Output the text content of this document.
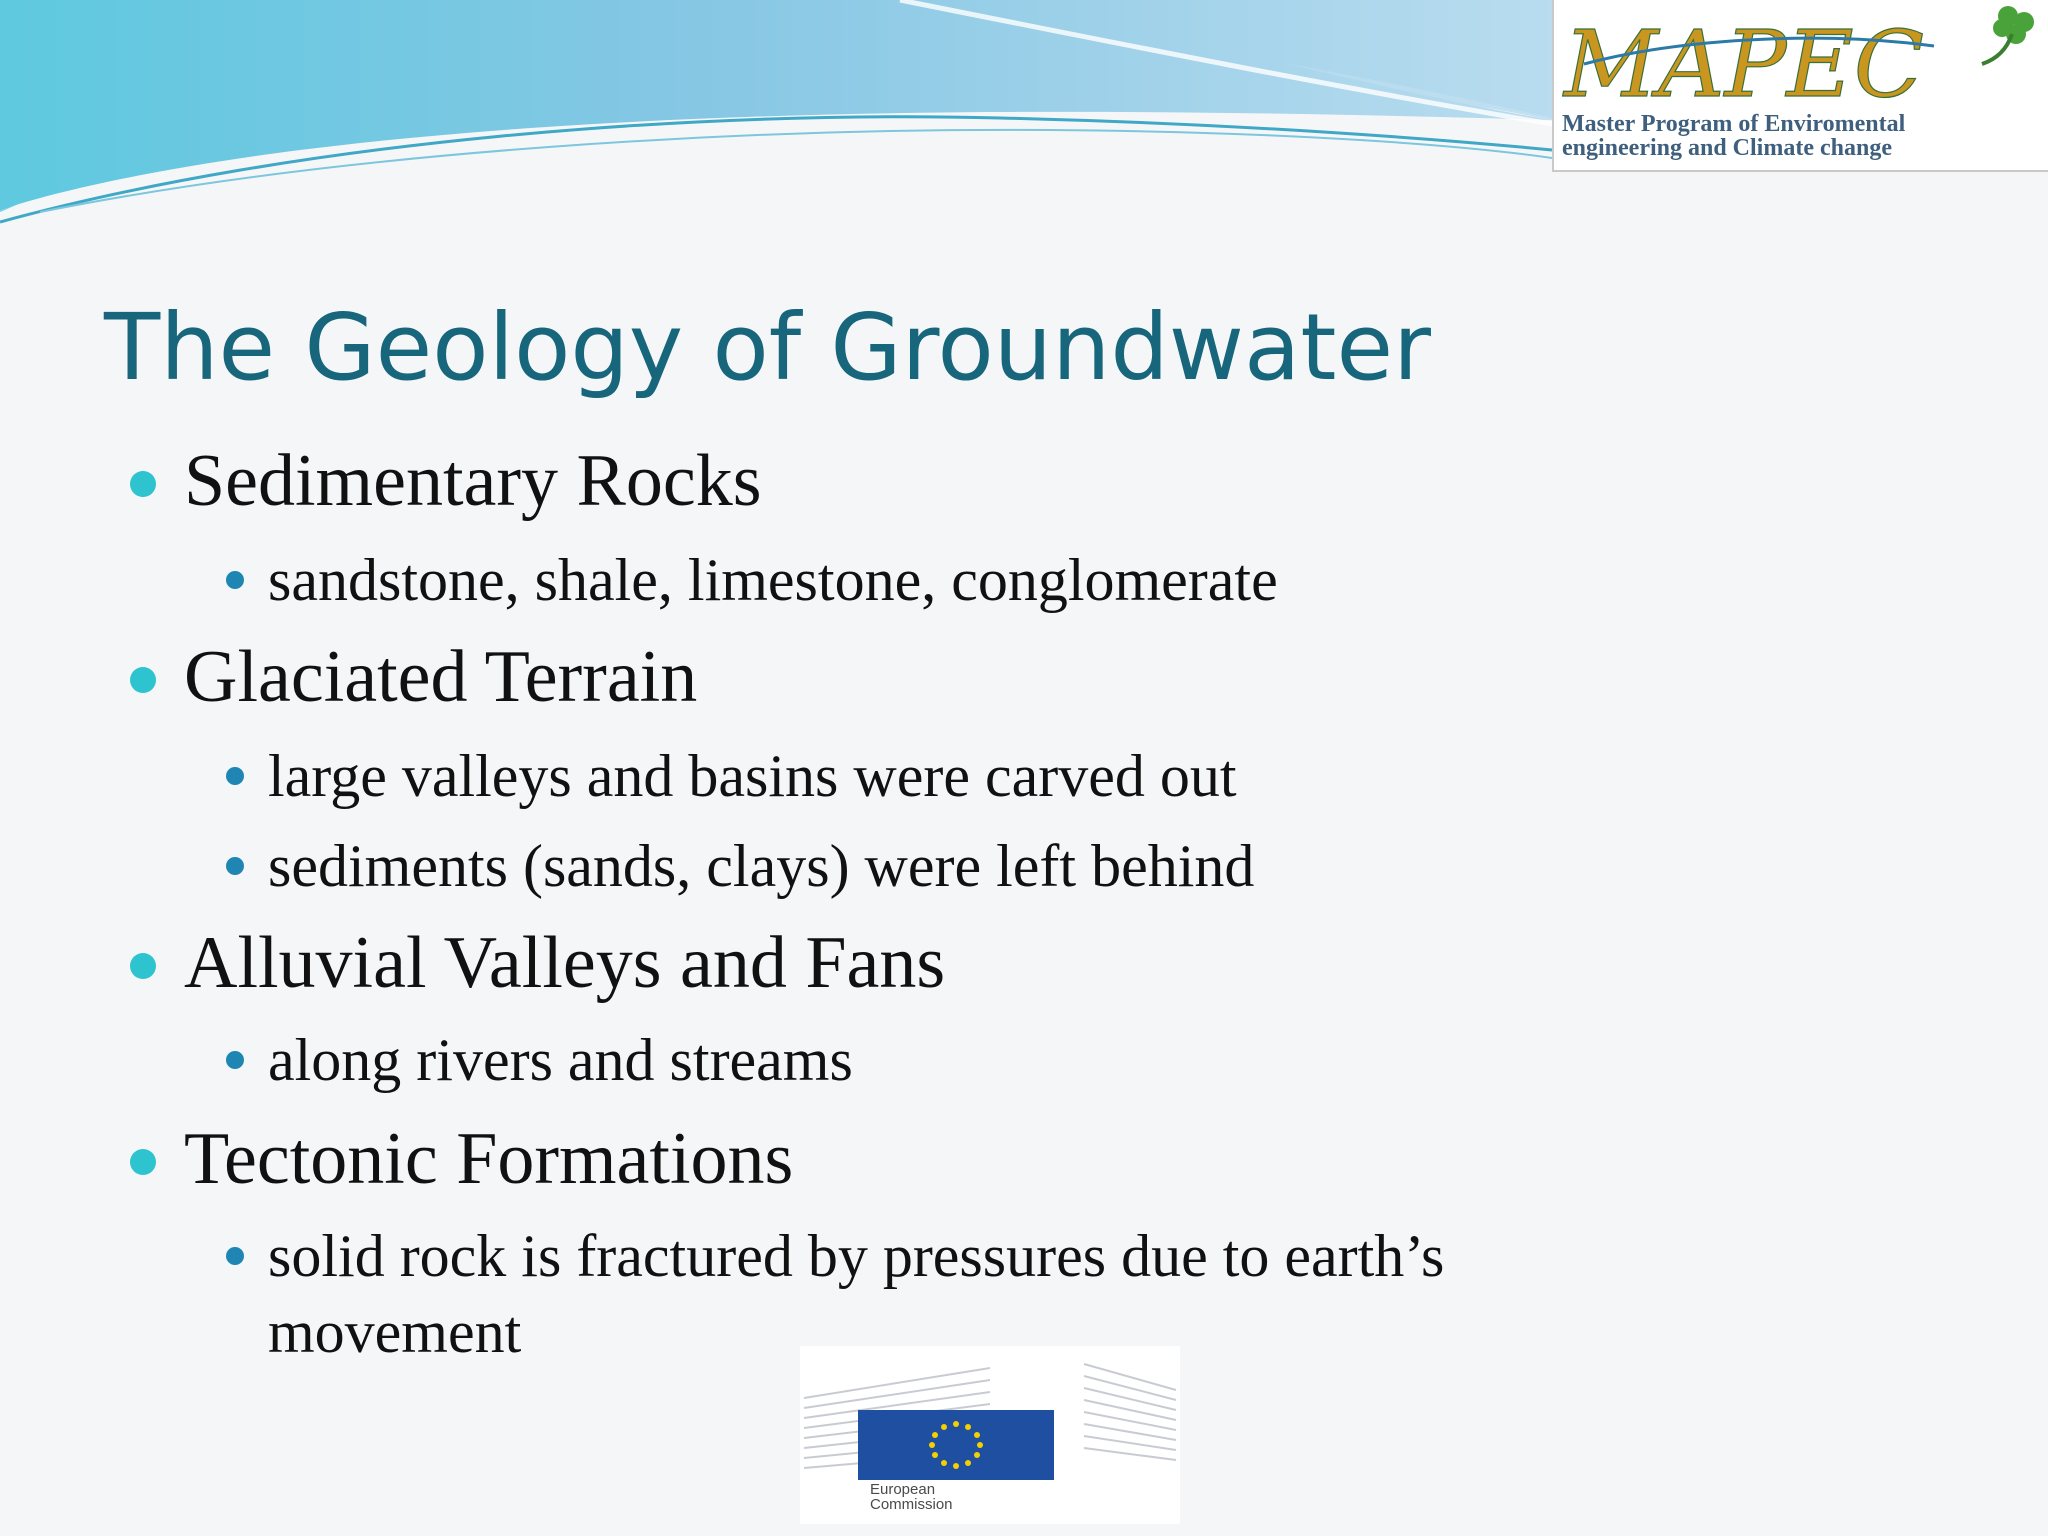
MAPEC
Master Program of Enviromental
engineering and Climate change
The Geology of Groundwater
Sedimentary Rocks
sandstone, shale, limestone, conglomerate
Glaciated Terrain
large valleys and basins were carved out
sediments (sands, clays) were left behind
Alluvial Valleys and Fans
along rivers and streams
Tectonic Formations
solid rock is fractured by pressures due to earth’s
movement
European
Commission
